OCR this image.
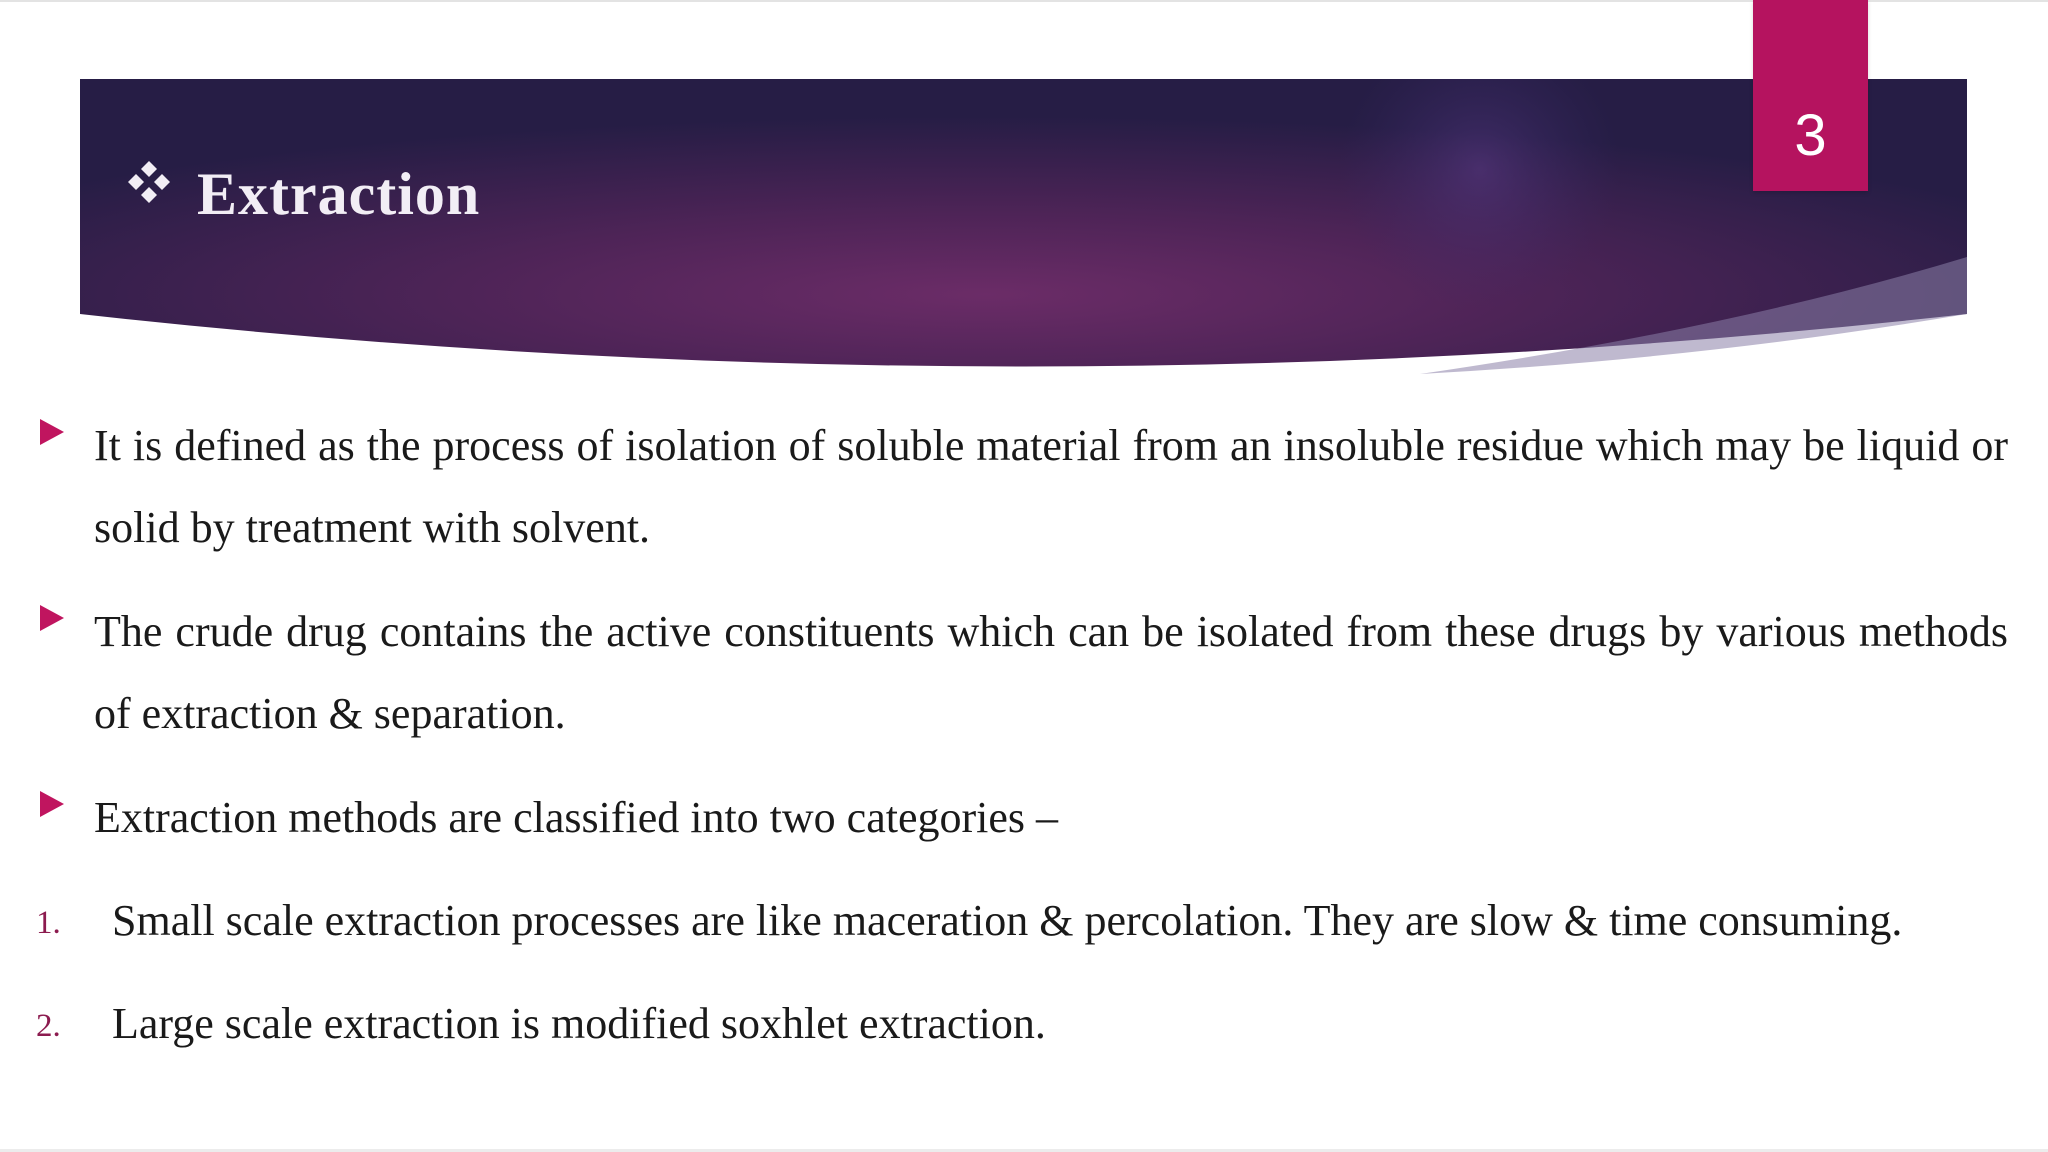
Extraction
3
It is defined as the process of isolation of soluble material from an insoluble residue which may be liquid or solid by treatment with solvent.
The crude drug contains the active constituents which can be isolated from these drugs by various methods of extraction & separation.
Extraction methods are classified into two categories –
1.	Small scale extraction processes are like maceration & percolation. They are slow & time consuming.
2.	Large scale extraction is modified soxhlet extraction.
